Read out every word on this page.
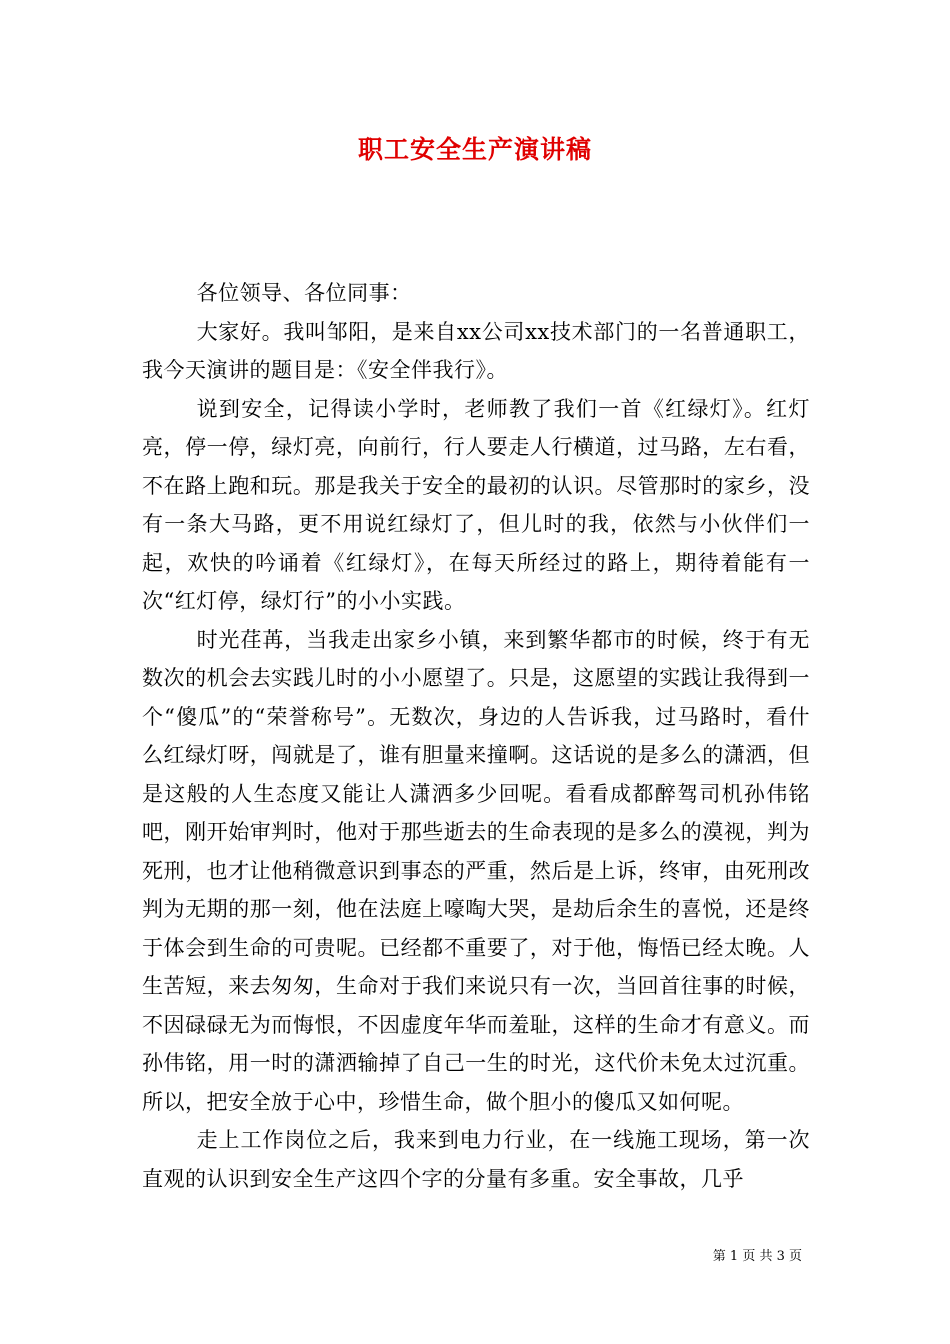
职工安全生产演讲稿

各位领导、各位同事：

大家好。我叫邹阳，是来自xx公司xx技术部门的一名普通职工，我今天演讲的题目是：《安全伴我行》。

说到安全，记得读小学时，老师教了我们一首《红绿灯》。红灯亮，停一停，绿灯亮，向前行，行人要走人行横道，过马路，左右看，不在路上跑和玩。那是我关于安全的最初的认识。尽管那时的家乡，没有一条大马路，更不用说红绿灯了，但儿时的我，依然与小伙伴们一起，欢快的吟诵着《红绿灯》，在每天所经过的路上，期待着能有一次“红灯停，绿灯行”的小小实践。

时光荏苒，当我走出家乡小镇，来到繁华都市的时候，终于有无数次的机会去实践儿时的小小愿望了。只是，这愿望的实践让我得到一个“傻瓜”的“荣誉称号”。无数次，身边的人告诉我，过马路时，看什么红绿灯呀，闯就是了，谁有胆量来撞啊。这话说的是多么的潇洒，但是这般的人生态度又能让人潇洒多少回呢。看看成都醉驾司机孙伟铭吧，刚开始审判时，他对于那些逝去的生命表现的是多么的漠视，判为死刑，也才让他稍微意识到事态的严重，然后是上诉，终审，由死刑改判为无期的那一刻，他在法庭上嚎啕大哭，是劫后余生的喜悦，还是终于体会到生命的可贵呢。已经都不重要了，对于他，悔悟已经太晚。人生苦短，来去匆匆，生命对于我们来说只有一次，当回首往事的时候，不因碌碌无为而悔恨，不因虚度年华而羞耻，这样的生命才有意义。而孙伟铭，用一时的潇洒输掉了自己一生的时光，这代价未免太过沉重。所以，把安全放于心中，珍惜生命，做个胆小的傻瓜又如何呢。

走上工作岗位之后，我来到电力行业，在一线施工现场，第一次直观的认识到安全生产这四个字的分量有多重。安全事故，几乎

第 1 页 共 3 页
